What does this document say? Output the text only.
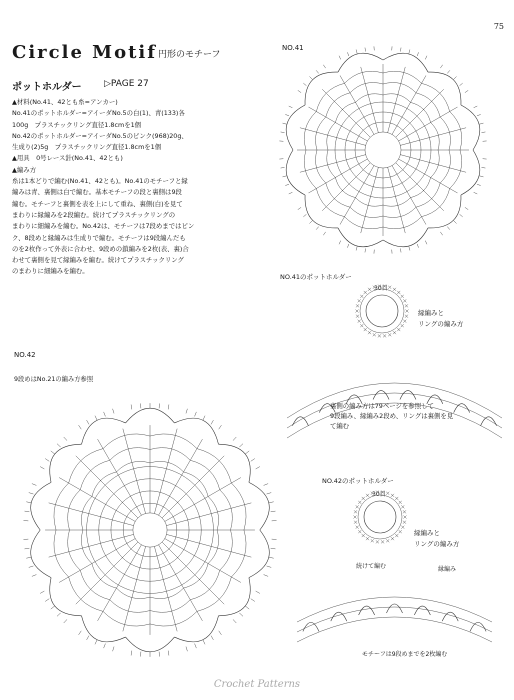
75
Circle Motif 円形のモチーフ
ポットホルダー ▷PAGE 27

▲材料(No.41、42とも糸=アンカー)

No.41のポットホルダー=アイーダNo.5の白(1)、青(133)各

100g　プラスチックリング直径1.8cmを1個

No.42のポットホルダー=アイーダNo.5のピンク(968)20g、

生成り(2)5g　プラスチックリング直径1.8cmを1個

▲用具　0号レース針(No.41、42とも)

▲編み方

糸は1本どりで編む(No.41、42とも)。No.41のモチーフと縁

編みは青、裏側は白で編む。基本モチーフの段と裏側は9段

編む。モチーフと裏側を表を上にして重ね、裏側(白)を見て

まわりに縁編みを2段編む。続けてプラスチックリングの

まわりに細編みを編む。No.42は、モチーフは7段めまではピン

ク、8段めと縁編みは生成りで編む。モチーフは9段編んだも

のを2枚作って外表に合わせ、9段めの鎖編みを2枚(表、裏)合

わせて裏側を見て縁編みを編む。続けてプラスチックリング

のまわりに細編みを編む。

NO.41
NO.41のポットホルダー
30目
縁編みと
リングの編み方
裏側の編み方は79ページを参照して
9段編み、縁編み2段め、リングは裏側を見
て編む
NO.42
9段めはNo.21の編み方参照
NO.42のポットホルダー
30目
縁編みと
リングの編み方
続けて編む	縁編み
モチーフは9段めまでを2枚編む
Crochet Patterns
